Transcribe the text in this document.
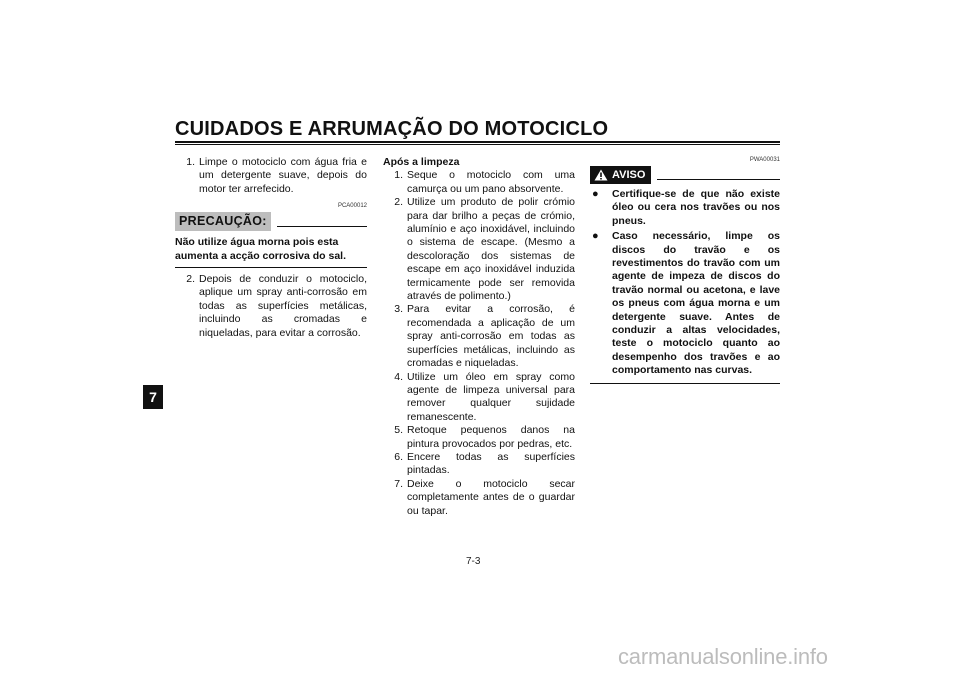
CUIDADOS E ARRUMAÇÃO DO MOTOCICLO
7
1. Limpe o motociclo com água fria e um detergente suave, depois do motor ter arrefecido.
PCA00012
PRECAUÇÃO:
Não utilize água morna pois esta aumenta a acção corrosiva do sal.
2. Depois de conduzir o motociclo, aplique um spray anti-corrosão em todas as superfícies metálicas, incluindo as cromadas e niqueladas, para evitar a corrosão.
Após a limpeza
1. Seque o motociclo com uma camurça ou um pano absorvente.
2. Utilize um produto de polir crómio para dar brilho a peças de crómio, alumínio e aço inoxidável, incluindo o sistema de escape. (Mesmo a descoloração dos sistemas de escape em aço inoxidável induzida termicamente pode ser removida através de polimento.)
3. Para evitar a corrosão, é recomendada a aplicação de um spray anti-corrosão em todas as superfícies metálicas, incluindo as cromadas e niqueladas.
4. Utilize um óleo em spray como agente de limpeza universal para remover qualquer sujidade remanescente.
5. Retoque pequenos danos na pintura provocados por pedras, etc.
6. Encere todas as superfícies pintadas.
7. Deixe o motociclo secar completamente antes de o guardar ou tapar.
PWA00031
AVISO
●	Certifique-se de que não existe óleo ou cera nos travões ou nos pneus.
●	Caso necessário, limpe os discos do travão e os revestimentos do travão com um agente de impeza de discos do travão normal ou acetona, e lave os pneus com água morna e um detergente suave. Antes de conduzir a altas velocidades, teste o motociclo quanto ao desempenho dos travões e ao comportamento nas curvas.
7-3
carmanualsonline.info
